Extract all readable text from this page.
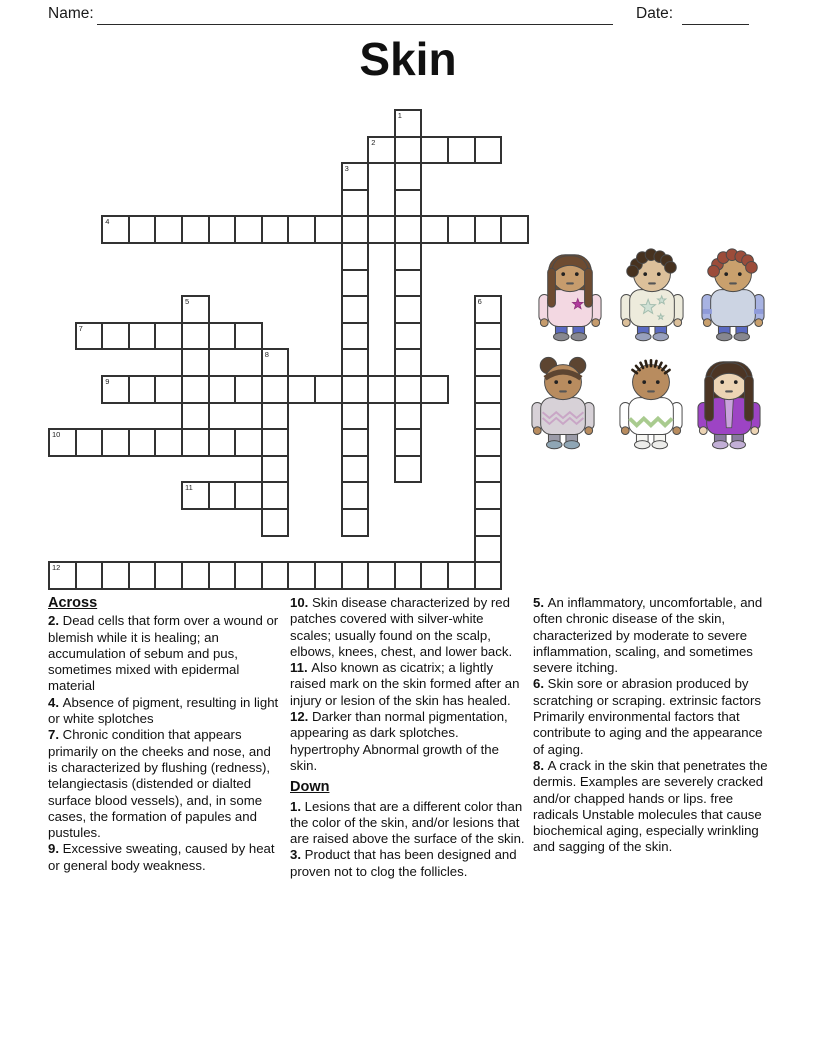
Name:	Date:
Skin
1
2
3
4
5	6
7
8
9
10
11
12
Across

2. Dead cells that form over a wound or blemish while it is healing; an accumulation of sebum and pus, sometimes mixed with epidermal material

4. Absence of pigment, resulting in light or white splotches

7. Chronic condition that appears primarily on the cheeks and nose, and is characterized by flushing (redness), telangiectasis (distended or dialted surface blood vessels), and, in some cases, the formation of papules and pustules.

9. Excessive sweating, caused by heat or general body weakness.

10. Skin disease characterized by red patches covered with silver-white scales; usually found on the scalp, elbows, knees, chest, and lower back.

11. Also known as cicatrix; a lightly raised mark on the skin formed after an injury or lesion of the skin has healed.

12. Darker than normal pigmentation, appearing as dark splotches. hypertrophy Abnormal growth of the skin.

Down

1. Lesions that are a different color than the color of the skin, and/or lesions that are raised above the surface of the skin.

3. Product that has been designed and proven not to clog the follicles.

5. An inflammatory, uncomfortable, and often chronic disease of the skin, characterized by moderate to severe inflammation, scaling, and sometimes severe itching.

6. Skin sore or abrasion produced by scratching or scraping. extrinsic factors Primarily environmental factors that contribute to aging and the appearance of aging.

8. A crack in the skin that penetrates the dermis. Examples are severely cracked and/or chapped hands or lips. free radicals Unstable molecules that cause biochemical aging, especially wrinkling and sagging of the skin.
